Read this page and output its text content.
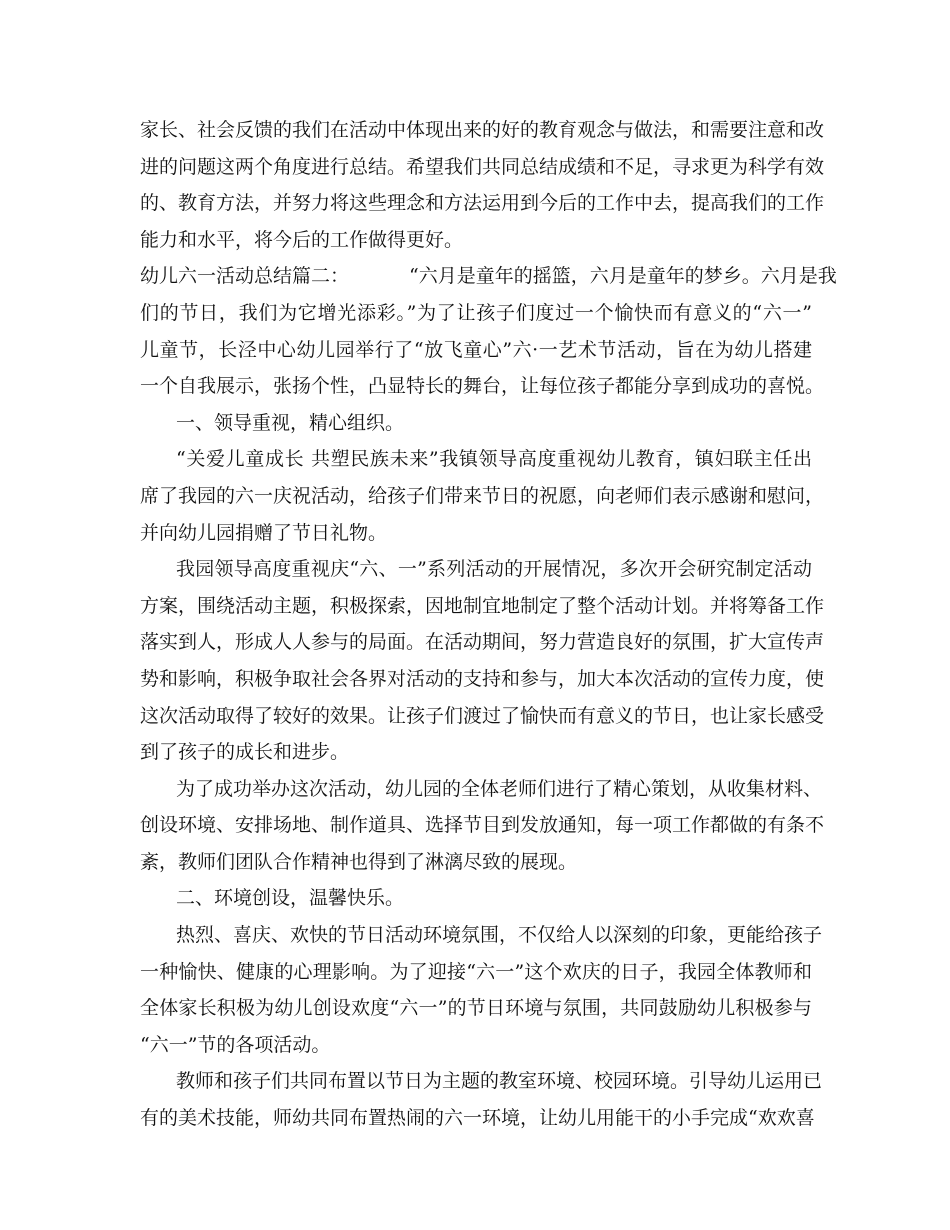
家长、社会反馈的我们在活动中体现出来的好的教育观念与做法，和需要注意和改
进的问题这两个角度进行总结。希望我们共同总结成绩和不足，寻求更为科学有效
的、教育方法，并努力将这些理念和方法运用到今后的工作中去，提高我们的工作
能力和水平，将今后的工作做得更好。
幼儿六一活动总结篇二：	“六月是童年的摇篮，六月是童年的梦乡。六月是我
们的节日，我们为它增光添彩。”为了让孩子们度过一个愉快而有意义的“六一”
儿童节，长泾中心幼儿园举行了“放飞童心”六·一艺术节活动，旨在为幼儿搭建
一个自我展示，张扬个性，凸显特长的舞台，让每位孩子都能分享到成功的喜悦。
一、领导重视，精心组织。
“关爱儿童成长 共塑民族未来”我镇领导高度重视幼儿教育，镇妇联主任出
席了我园的六一庆祝活动，给孩子们带来节日的祝愿，向老师们表示感谢和慰问，
并向幼儿园捐赠了节日礼物。
我园领导高度重视庆“六、一”系列活动的开展情况，多次开会研究制定活动
方案，围绕活动主题，积极探索，因地制宜地制定了整个活动计划。并将筹备工作
落实到人，形成人人参与的局面。在活动期间，努力营造良好的氛围，扩大宣传声
势和影响，积极争取社会各界对活动的支持和参与，加大本次活动的宣传力度，使
这次活动取得了较好的效果。让孩子们渡过了愉快而有意义的节日，也让家长感受
到了孩子的成长和进步。
为了成功举办这次活动，幼儿园的全体老师们进行了精心策划，从收集材料、
创设环境、安排场地、制作道具、选择节目到发放通知，每一项工作都做的有条不
紊，教师们团队合作精神也得到了淋漓尽致的展现。
二、环境创设，温馨快乐。
热烈、喜庆、欢快的节日活动环境氛围，不仅给人以深刻的印象，更能给孩子
一种愉快、健康的心理影响。为了迎接“六一”这个欢庆的日子，我园全体教师和
全体家长积极为幼儿创设欢度“六一”的节日环境与氛围，共同鼓励幼儿积极参与
“六一”节的各项活动。
教师和孩子们共同布置以节日为主题的教室环境、校园环境。引导幼儿运用已
有的美术技能，师幼共同布置热闹的六一环境，让幼儿用能干的小手完成“欢欢喜
